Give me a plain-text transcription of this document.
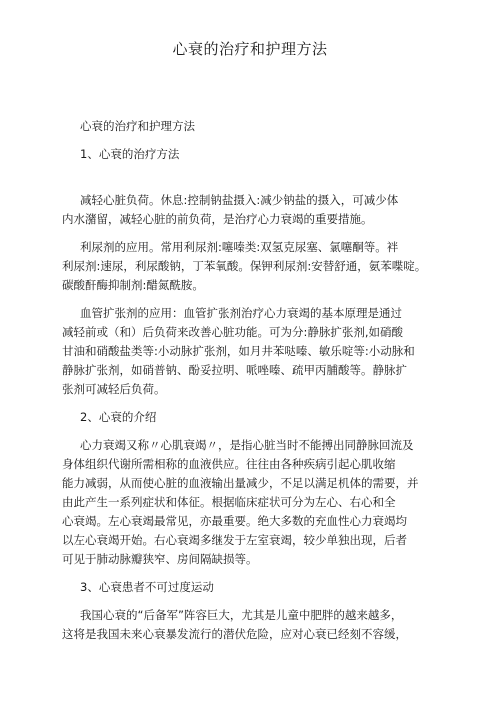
心衰的治疗和护理方法
心衰的治疗和护理方法
1、心衰的治疗方法
减轻心脏负荷。休息:控制钠盐摄入:减少钠盐的摄入，可减少体
内水潴留，减轻心脏的前负荷，是治疗心力衰竭的重要措施。
利尿剂的应用。常用利尿剂:噻嗪类:双氢克尿塞、氯噻酮等。袢
利尿剂:速尿，利尿酸钠，丁苯氧酸。保钾利尿剂:安替舒通，氨苯喋啶。
碳酸酐酶抑制剂:醋氮酰胺。
血管扩张剂的应用：血管扩张剂治疗心力衰竭的基本原理是通过
减轻前或（和）后负荷来改善心脏功能。可为分:静脉扩张剂,如硝酸
甘油和硝酸盐类等:小动脉扩张剂，如月井苯哒嗪、敏乐啶等:小动脉和
静脉扩张剂，如硝普钠、酚妥拉明、哌唑嗪、疏甲丙脯酸等。静脉扩
张剂可减轻后负荷。
2、心衰的介绍
心力衰竭又称〃心肌衰竭〃，是指心脏当时不能搏出同静脉回流及
身体组织代谢所需相称的血液供应。往往由各种疾病引起心肌收缩
能力减弱，从而使心脏的血液输出量减少，不足以满足机体的需要，并
由此产生一系列症状和体征。根据临床症状可分为左心、右心和全
心衰竭。左心衰竭最常见，亦最重要。绝大多数的充血性心力衰竭均
以左心衰竭开始。右心衰竭多继发于左室衰竭，较少单独出现，后者
可见于肺动脉瓣狭窄、房间隔缺损等。
3、心衰患者不可过度运动
我国心衰的“后备军”阵容巨大，尤其是儿童中肥胖的越来越多，
这将是我国未来心衰暴发流行的潜伏危险，应对心衰已经刻不容缓，
